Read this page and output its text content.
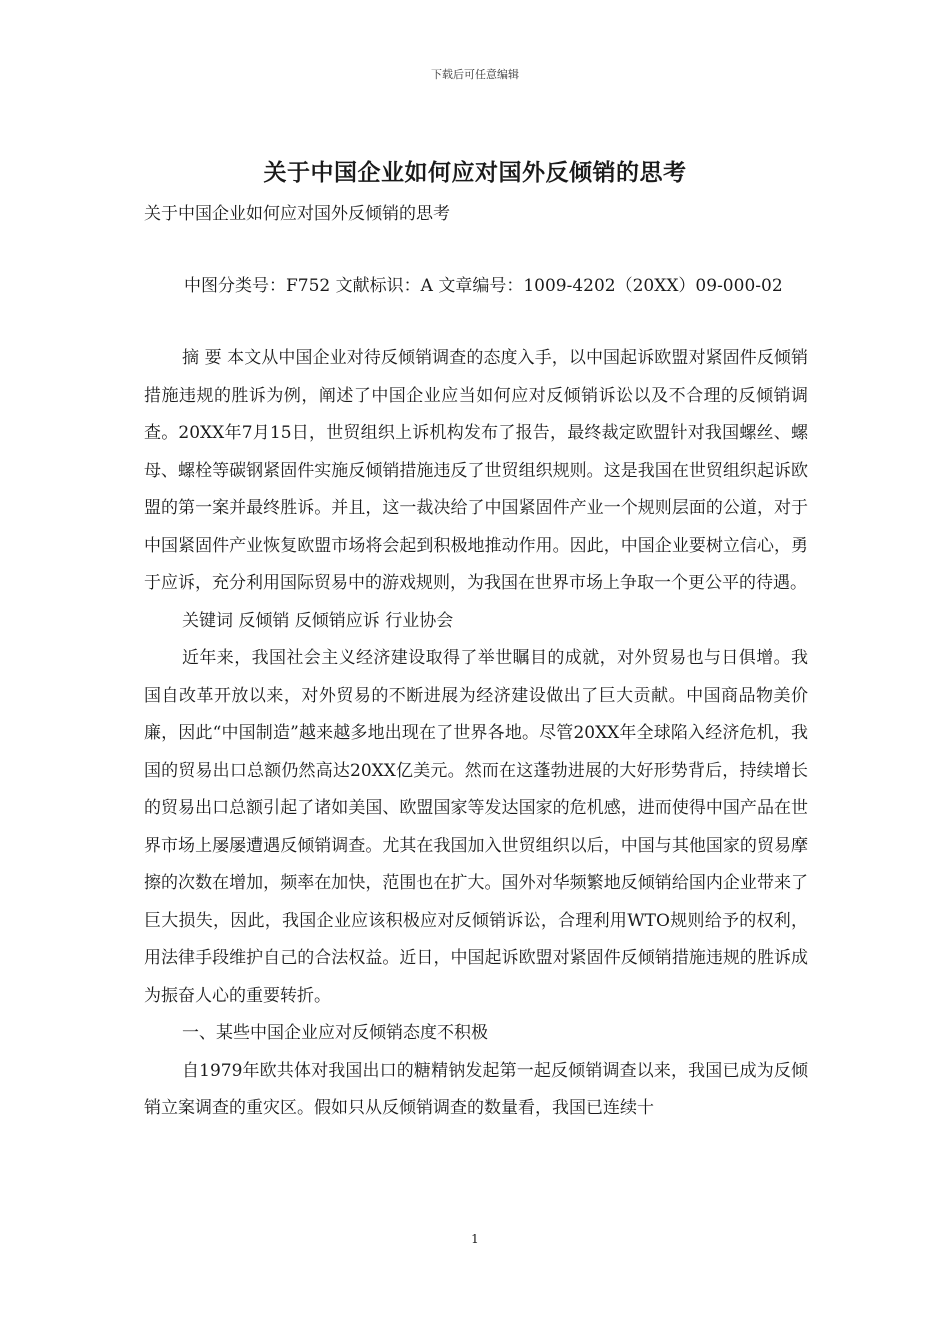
下载后可任意编辑
关于中国企业如何应对国外反倾销的思考
关于中国企业如何应对国外反倾销的思考
中图分类号：F752 文献标识：A 文章编号：1009-4202（20XX）09-000-02

摘 要 本文从中国企业对待反倾销调查的态度入手，以中国起诉欧盟对紧固件反倾销措施违规的胜诉为例，阐述了中国企业应当如何应对反倾销诉讼以及不合理的反倾销调查。20XX年7月15日，世贸组织上诉机构发布了报告，最终裁定欧盟针对我国螺丝、螺母、螺栓等碳钢紧固件实施反倾销措施违反了世贸组织规则。这是我国在世贸组织起诉欧盟的第一案并最终胜诉。并且，这一裁决给了中国紧固件产业一个规则层面的公道，对于中国紧固件产业恢复欧盟市场将会起到积极地推动作用。因此，中国企业要树立信心，勇于应诉，充分利用国际贸易中的游戏规则，为我国在世界市场上争取一个更公平的待遇。

关键词 反倾销 反倾销应诉 行业协会

近年来，我国社会主义经济建设取得了举世瞩目的成就，对外贸易也与日俱增。我国自改革开放以来，对外贸易的不断进展为经济建设做出了巨大贡献。中国商品物美价廉，因此“中国制造”越来越多地出现在了世界各地。尽管20XX年全球陷入经济危机，我国的贸易出口总额仍然高达20XX亿美元。然而在这蓬勃进展的大好形势背后，持续增长的贸易出口总额引起了诸如美国、欧盟国家等发达国家的危机感，进而使得中国产品在世界市场上屡屡遭遇反倾销调查。尤其在我国加入世贸组织以后，中国与其他国家的贸易摩擦的次数在增加，频率在加快，范围也在扩大。国外对华频繁地反倾销给国内企业带来了巨大损失，因此，我国企业应该积极应对反倾销诉讼，合理利用WTO规则给予的权利，用法律手段维护自己的合法权益。近日，中国起诉欧盟对紧固件反倾销措施违规的胜诉成为振奋人心的重要转折。

一、某些中国企业应对反倾销态度不积极

自1979年欧共体对我国出口的糖精钠发起第一起反倾销调查以来，我国已成为反倾销立案调查的重灾区。假如只从反倾销调查的数量看，我国已连续十

1
